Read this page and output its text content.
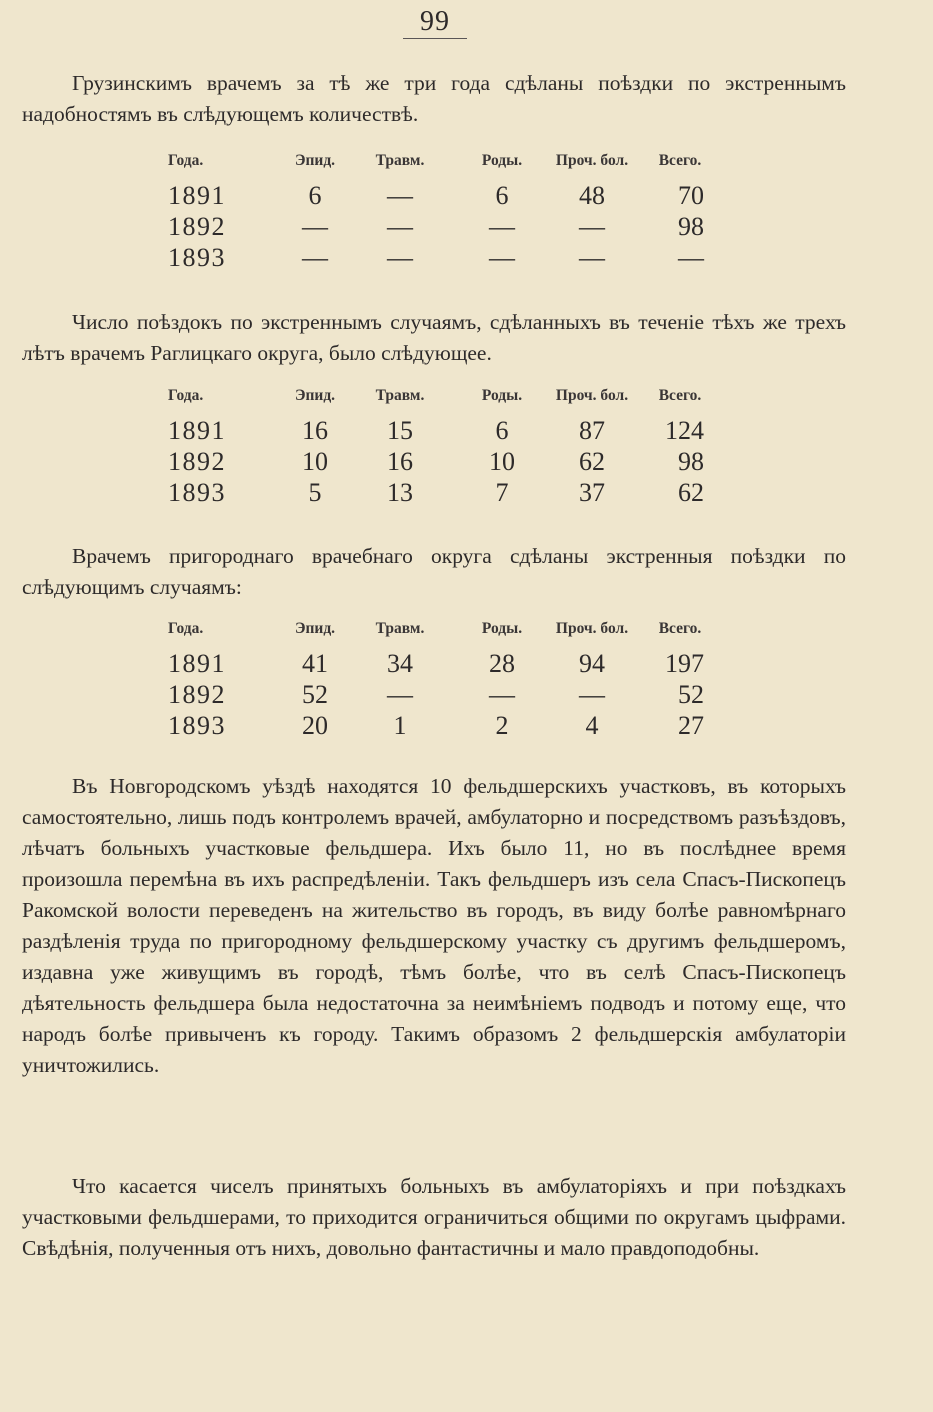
99

Грузинскимъ врачемъ за тѣ же три года сдѣланы поѣздки по экстреннымъ надобностямъ въ слѣдующемъ количествѣ.

Года.	Эпид.	Травм.	Роды.	Проч. бол.	Всего.
1891	6	—	6	48	70
1892	—	—	—	—	98
1893	—	—	—	—	—

Число поѣздокъ по экстреннымъ случаямъ, сдѣланныхъ въ теченіе тѣхъ же трехъ лѣтъ врачемъ Раглицкаго округа, было слѣдующее.

Года.	Эпид.	Травм.	Роды.	Проч. бол.	Всего.
1891	16	15	6	87	124
1892	10	16	10	62	98
1893	5	13	7	37	62

Врачемъ пригороднаго врачебнаго округа сдѣланы экстренныя поѣздки по слѣдующимъ случаямъ:

Года.	Эпид.	Травм.	Роды.	Проч. бол.	Всего.
1891	41	34	28	94	197
1892	52	—	—	—	52
1893	20	1	2	4	27

Въ Новгородскомъ уѣздѣ находятся 10 фельдшерскихъ участковъ, въ которыхъ самостоятельно, лишь подъ контролемъ врачей, амбулаторно и посредствомъ разъѣздовъ, лѣчатъ больныхъ участковые фельдшера. Ихъ было 11, но въ послѣднее время произошла перемѣна въ ихъ распредѣленіи. Такъ фельдшеръ изъ села Спасъ-Пископецъ Ракомской волости переведенъ на жительство въ городъ, въ виду болѣе равномѣрнаго раздѣленія труда по пригородному фельдшерскому участку съ другимъ фельдшеромъ, издавна уже живущимъ въ городѣ, тѣмъ болѣе, что въ селѣ Спасъ-Пископецъ дѣятельность фельдшера была недостаточна за неимѣніемъ подводъ и потому еще, что народъ болѣе привыченъ къ городу. Такимъ образомъ 2 фельдшерскія амбулаторіи уничтожились.

Что касается чиселъ принятыхъ больныхъ въ амбулаторіяхъ и при поѣздкахъ участковыми фельдшерами, то приходится ограничиться общими по округамъ цыфрами. Свѣдѣнія, полученныя отъ нихъ, довольно фантастичны и мало правдоподобны.
